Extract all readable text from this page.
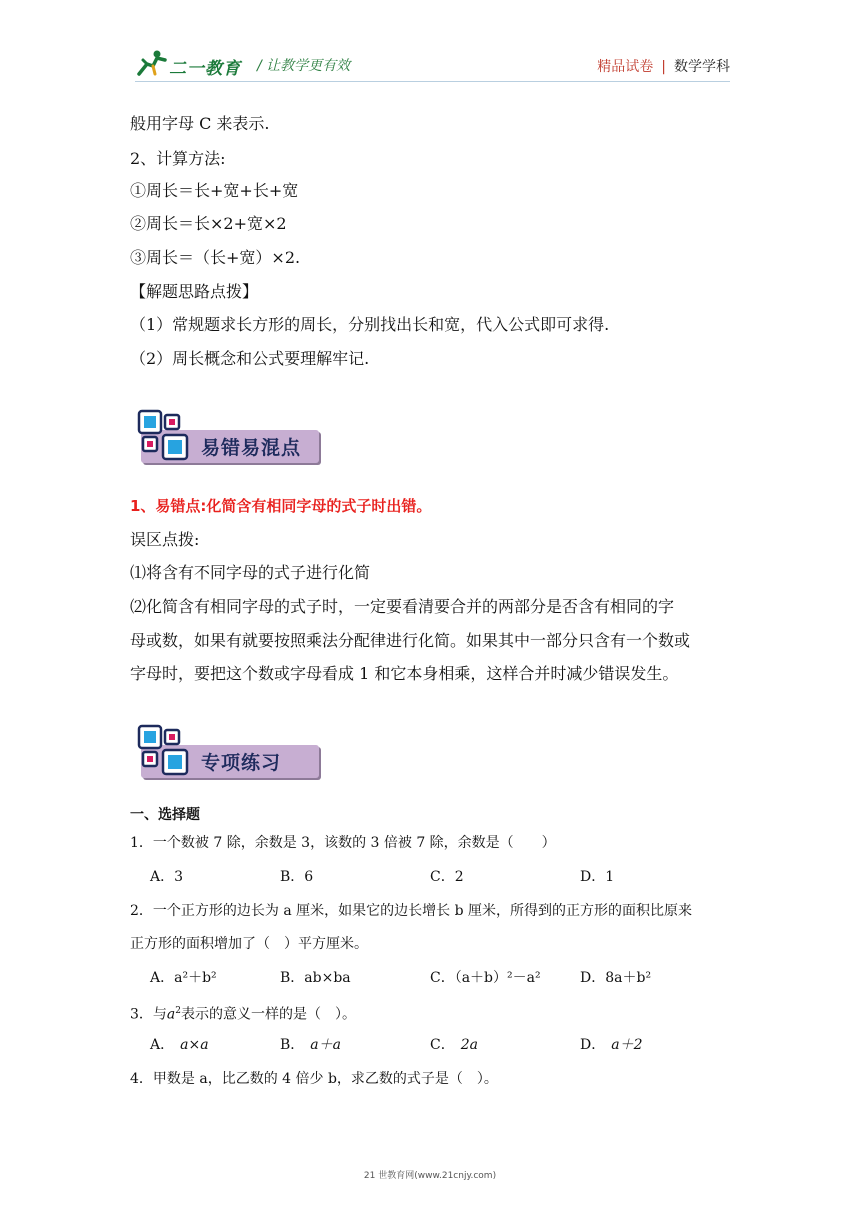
二一教育 / 让教学更有效	精品试卷 | 数学学科
般用字母 C 来表示.
2、计算方法:
①周长＝长+宽+长+宽
②周长＝长×2+宽×2
③周长＝（长+宽）×2.
【解题思路点拨】
（1）常规题求长方形的周长，分别找出长和宽，代入公式即可求得.
（2）周长概念和公式要理解牢记.
易错易混点
1、易错点:化简含有相同字母的式子时出错。
误区点拨:
⑴将含有不同字母的式子进行化简
⑵化简含有相同字母的式子时，一定要看清要合并的两部分是否含有相同的字
母或数，如果有就要按照乘法分配律进行化简。如果其中一部分只含有一个数或
字母时，要把这个数或字母看成 1 和它本身相乘，这样合并时减少错误发生。
专项练习
一、选择题
1．一个数被 7 除，余数是 3，该数的 3 倍被 7 除，余数是（　　）
A．3	B．6	C．2	D．1
2．一个正方形的边长为 a 厘米，如果它的边长增长 b 厘米，所得到的正方形的面积比原来
正方形的面积增加了（　）平方厘米。
A．a²＋b²	B．ab×ba	C．（a＋b）²－a²	D．8a＋b²
3．与$a^2$表示的意义一样的是（　）。
A． a×a	B． a＋a	C． 2a	D． a＋2
4．甲数是 a，比乙数的 4 倍少 b，求乙数的式子是（　）。
21 世教育网(www.21cnjy.com)
